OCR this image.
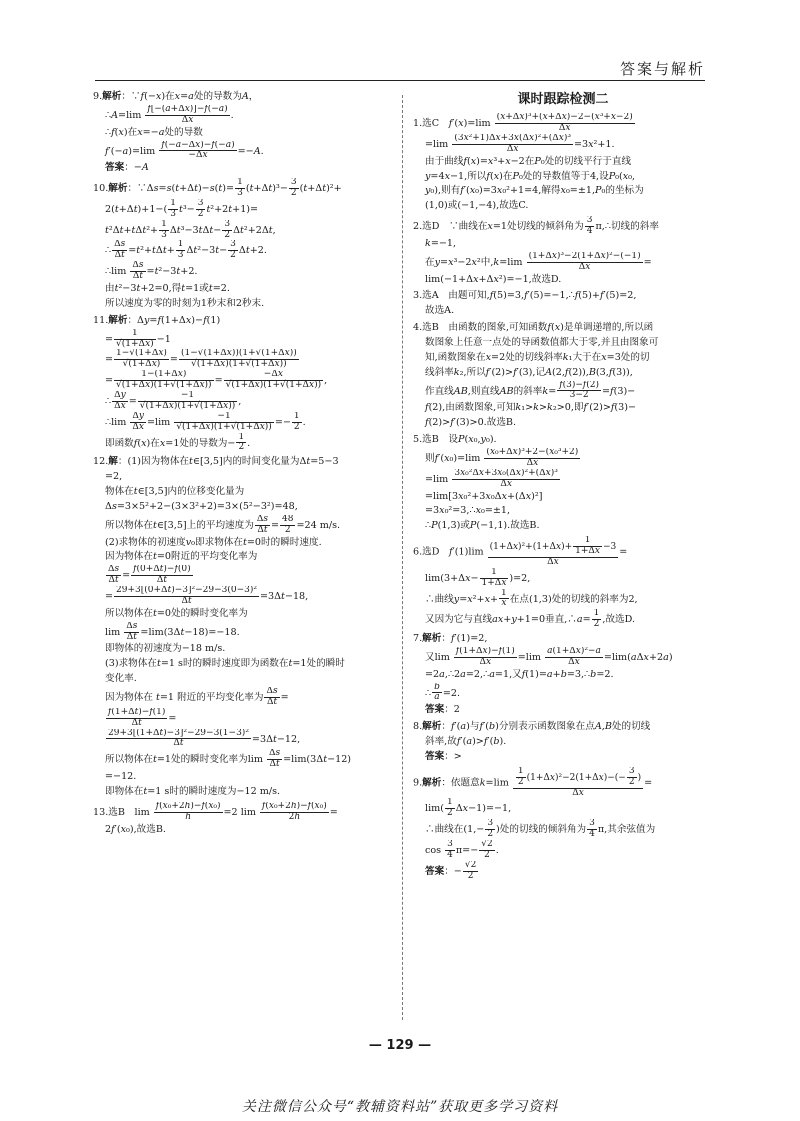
答案与解析

9.解析：∵f(−x)在x=a处的导数为A，

∴A=lim $\frac{f[-(a+\Delta x)]-f(-a)}{\Delta x}$ .

∴f(x)在x=−a处的导数

$f'(-a)=\lim \frac{f(-a-\Delta x)-f(-a)}{-\Delta x} =-A$.

答案：−A

10.解析：∵Δs=s(t+Δt)−s(t)= $\frac{1}{3} (t+\Delta t)^3- \frac{3}{2} (t+\Delta t)^2+$

$2(t+\Delta t)+1-( \frac{1}{3} t^3- \frac{3}{2} t^2+2t+1)=$

$t^2\Delta t+t\Delta t^2+ \frac{1}{3} \Delta t^3-3t\Delta t- \frac{3}{2} \Delta t^2+2\Delta t$,

∴ $\frac{\Delta s}{\Delta t} =t^2+t\Delta t+ \frac{1}{3} \Delta t^2-3t- \frac{3}{2} \Delta t+2$.

∴lim $\frac{\Delta s}{\Delta t} =t^2-3t+2$.

由t²−3t+2=0,得t=1或t=2.

所以速度为零的时刻为1秒末和2秒末.

11.解析：Δy=f(1+Δx)−f(1)

= $\frac{1}{√(1+\Delta x)} -1$

= $\frac{1-√(1+\Delta x)}{√(1+\Delta x)} = \frac{(1-√(1+\Delta x))(1+√(1+\Delta x))}{√(1+\Delta x)(1+√(1+\Delta x))}$

= $\frac{1-(1+\Delta x)}{√(1+\Delta x)(1+√(1+\Delta x))} = \frac{-\Delta x}{√(1+\Delta x)(1+√(1+\Delta x))}$ ,

∴ $\frac{\Delta y}{\Delta x} = \frac{-1}{√(1+\Delta x)(1+√(1+\Delta x))}$ ,

∴lim $\frac{\Delta y}{\Delta x} =\lim \frac{-1}{√(1+\Delta x)(1+√(1+\Delta x))} =- \frac{1}{2}$ .

即函数f(x)在x=1处的导数为− $\frac{1}{2}$ .

12.解：(1)因为物体在t∈[3,5]内的时间变化量为Δt=5−3

=2,

物体在t∈[3,5]内的位移变化量为

Δs=3×5²+2−(3×3²+2)=3×(5²−3²)=48,

所以物体在t∈[3,5]上的平均速度为 $\frac{\Delta s}{\Delta t} = \frac{48}{2} =24$ m/s.

(2)求物体的初速度v₀即求物体在t=0时的瞬时速度.

因为物体在t=0附近的平均变化率为

$\frac{\Delta s}{\Delta t} = \frac{f(0+\Delta t)-f(0)}{\Delta t}$

= $\frac{\text{29+3[(0+Δt)−3]²−29−3(0−3)²}}{\Delta t} =3\Delta t-18$,

所以物体在t=0处的瞬时变化率为

$\lim \frac{\Delta s}{\Delta t} =\lim(3\Delta t-18)=-18$.

即物体的初速度为−18 m/s.

(3)求物体在t=1 s时的瞬时速度即为函数在t=1处的瞬时

变化率.

因为物体在 t=1 附近的平均变化率为 $\frac{\Delta s}{\Delta t}$ =

$\frac{f(1+\Delta t)-f(1)}{\Delta t}$ =

$\frac{\text{29+3[(1+Δt)−3]²−29−3(1−3)²}}{\Delta t} =3\Delta t-12$,

所以物体在t=1处的瞬时变化率为$\lim \frac{\Delta s}{\Delta t} =\lim(3\Delta t-12)$

=−12.

即物体在t=1 s时的瞬时速度为−12 m/s.

13.选B　$\lim \frac{\text{f(x₀+2h)−f(x₀)}}{h} =2$ $\lim \frac{\text{f(x₀+2h)−f(x₀)}}{2h}$ =

2f′(x₀),故选B.

课时跟踪检测二

1.选C　$f'(x)=\lim \frac{\text{(x+Δx)³+(x+Δx)−2−(x³+x−2)}}{\Delta x}$

$=\lim \frac{\text{(3x²+1)Δx+3x(Δx)²+(Δx)³}}{\Delta x} =3x^2+1$.

由于曲线f(x)=x³+x−2在P₀处的切线平行于直线

y=4x−1,所以f(x)在P₀处的导数值等于4,设P₀(x₀,

y₀),则有f′(x₀)=3x₀²+1=4,解得x₀=±1,P₀的坐标为

(1,0)或(−1,−4),故选C.

2.选D　∵曲线在x=1处切线的倾斜角为 $\frac{3}{4}$ π,∴切线的斜率

k=−1,

在y=x³−2x²中$,k=\lim \frac{\text{(1+Δx)³−2(1+Δx)²−(−1)}}{\Delta x}$ =

lim(−1+Δx+Δx²)=−1,故选D.

3.选A　由题可知,f(5)=3,f′(5)=−1,∴f(5)+f′(5)=2,

故选A.

4.选B　由函数的图象,可知函数f(x)是单调递增的,所以函

数图象上任意一点处的导函数值都大于零,并且由图象可

知,函数图象在x=2处的切线斜率k₁大于在x=3处的切

线斜率k₂,所以f′(2)>f′(3),记A(2,f(2)),B(3,f(3)),

作直线AB,则直线AB的斜率$k= \frac{f(3)-f(2)}{3-2} =f(3)-$

f(2),由函数图象,可知k₁>k>k₂>0,即f′(2)>f(3)−

f(2)>f′(3)>0.故选B.

5.选B　设P(x₀,y₀).

则$f'(x_0)=\lim \frac{\text{(x₀+Δx)³+2−(x₀³+2)}}{\Delta x}$

$=\lim \frac{\text{3x₀²Δx+3x₀(Δx)²+(Δx)³}}{\Delta x}$

=lim[3x₀²+3x₀Δx+(Δx)²]

=3x₀²=3,∴x₀=±1,

∴P(1,3)或P(−1,1).故选B.

6.选D　$f'(1)\lim \frac{(1+\Delta x)^2+(1+\Delta x)+ \frac{1}{1+\Delta x} -3}{\Delta x}$ =

$\lim(3+\Delta x- \frac{1}{1+\Delta x} )=2$,

∴曲线$y=x^2+x+ \frac{1}{x}$ 在点(1,3)处的切线的斜率为2,

又因为它与直线ax+y+1=0垂直,∴a= $\frac{1}{2}$ ,故选D.

7.解析：f′(1)=2,

又$\lim \frac{f(1+\Delta x)-f(1)}{\Delta x} =\lim \frac{\text{a(1+Δx)²−a}}{\Delta x} =\lim(a\Delta x+2a)$

=2a,∴2a=2,∴a=1,又f(1)=a+b=3,∴b=2.

∴ $\frac{b}{a} =2$.

答案：2

8.解析：f′(a)与f′(b)分别表示函数图象在点A,B处的切线

斜率,故f′(a)>f′(b).

答案：>

9.解析：依题意$k=\lim \frac{\frac{1}{2} (1+\Delta x)^2-2(1+\Delta x)-(- \frac{3}{2} )}{\Delta x}$ =

$\lim( \frac{1}{2} \Delta x-1)=-1$,

∴曲线在($1,- \frac{3}{2}$ )处的切线的倾斜角为 $\frac{3}{4} \pi$,其余弦值为

$\cos \frac{3}{4} \pi=- \frac{√2}{2}$ .

答案：− $\frac{√2}{2}$

— 129 —
关注微信公众号“教辅资料站”获取更多学习资料
